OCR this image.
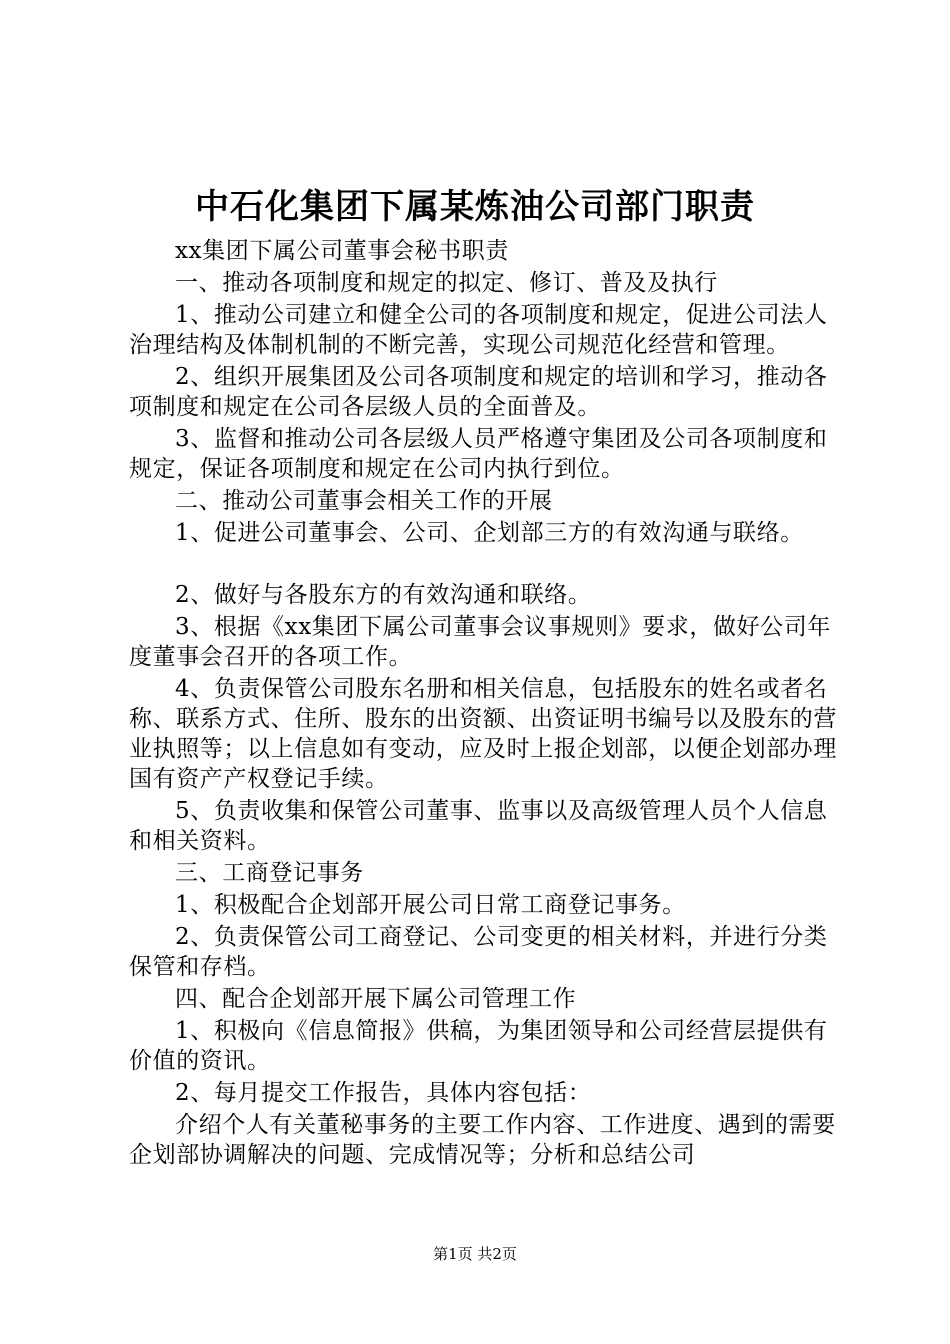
中石化集团下属某炼油公司部门职责

xx集团下属公司董事会秘书职责

一、推动各项制度和规定的拟定、修订、普及及执行

1、推动公司建立和健全公司的各项制度和规定，促进公司法人治理结构及体制机制的不断完善，实现公司规范化经营和管理。

2、组织开展集团及公司各项制度和规定的培训和学习，推动各项制度和规定在公司各层级人员的全面普及。

3、监督和推动公司各层级人员严格遵守集团及公司各项制度和规定，保证各项制度和规定在公司内执行到位。

二、推动公司董事会相关工作的开展

1、促进公司董事会、公司、企划部三方的有效沟通与联络。

2、做好与各股东方的有效沟通和联络。

3、根据《xx集团下属公司董事会议事规则》要求，做好公司年度董事会召开的各项工作。

4、负责保管公司股东名册和相关信息，包括股东的姓名或者名称、联系方式、住所、股东的出资额、出资证明书编号以及股东的营业执照等；以上信息如有变动，应及时上报企划部，以便企划部办理国有资产产权登记手续。

5、负责收集和保管公司董事、监事以及高级管理人员个人信息和相关资料。

三、工商登记事务

1、积极配合企划部开展公司日常工商登记事务。

2、负责保管公司工商登记、公司变更的相关材料，并进行分类保管和存档。

四、配合企划部开展下属公司管理工作

1、积极向《信息简报》供稿，为集团领导和公司经营层提供有价值的资讯。

2、每月提交工作报告，具体内容包括：

介绍个人有关董秘事务的主要工作内容、工作进度、遇到的需要企划部协调解决的问题、完成情况等；分析和总结公司

第1页 共2页
